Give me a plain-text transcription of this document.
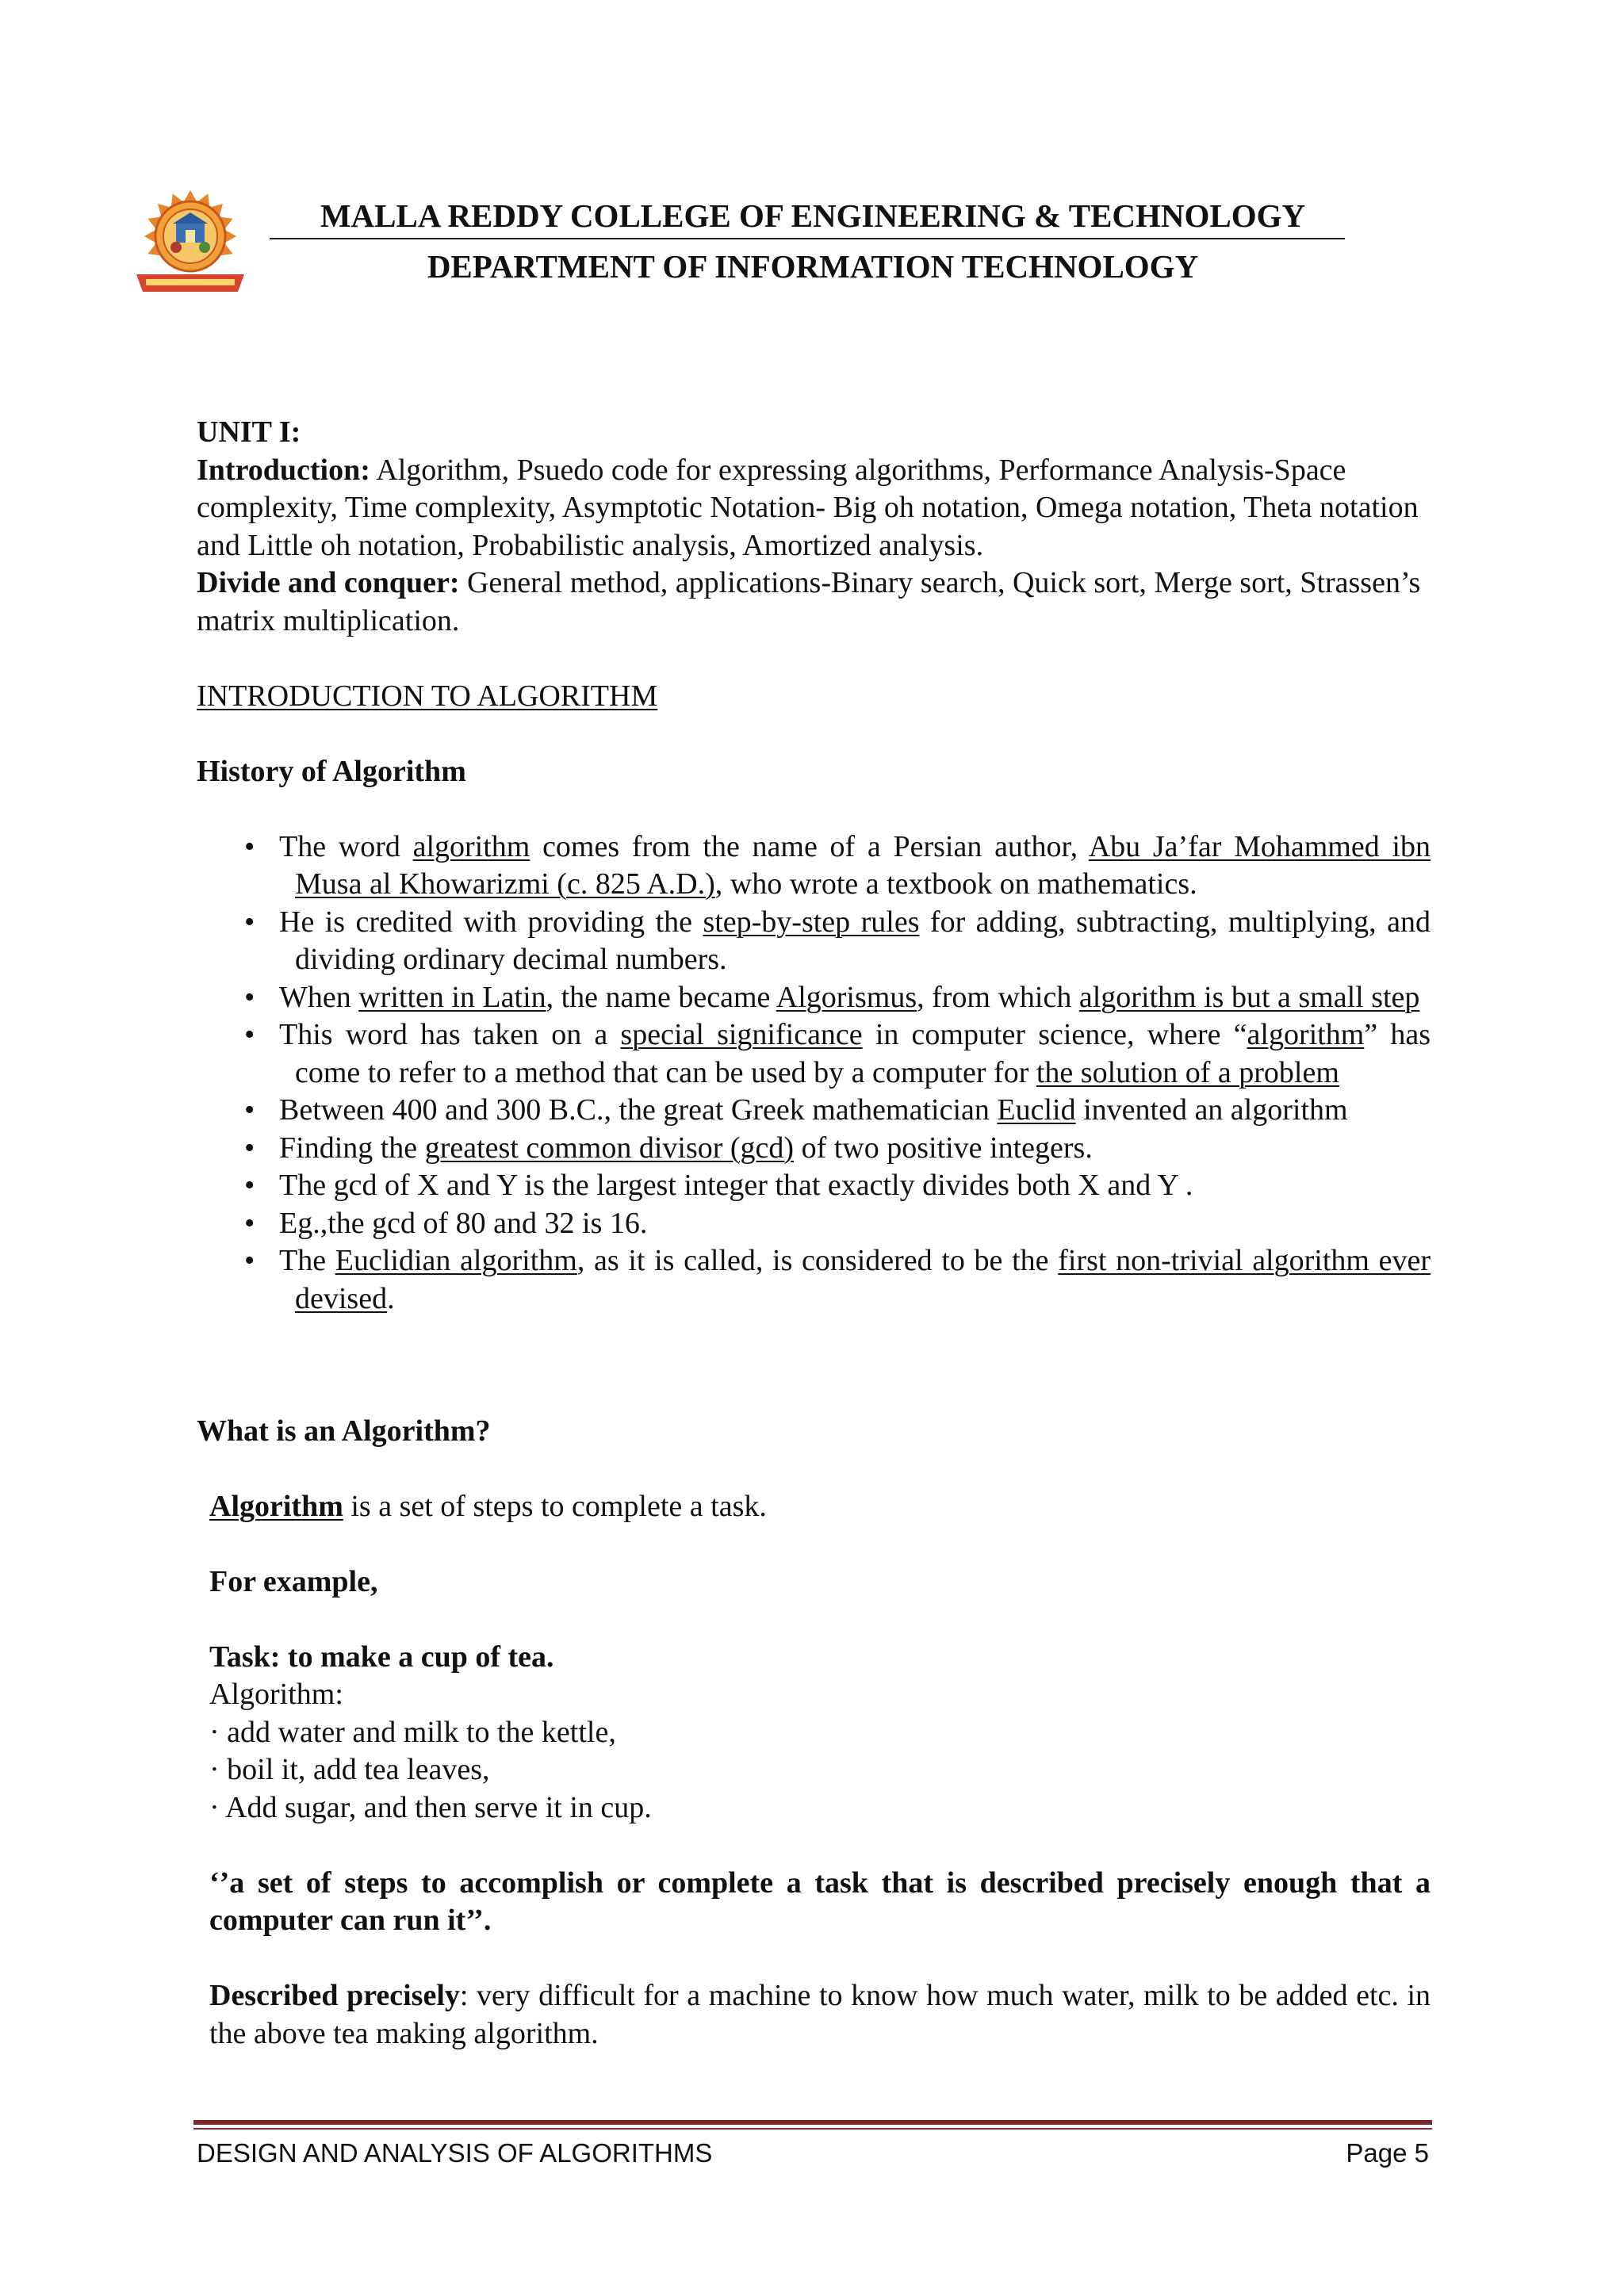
MALLA REDDY COLLEGE OF ENGINEERING & TECHNOLOGY
DEPARTMENT OF INFORMATION TECHNOLOGY

UNIT I:

Introduction: Algorithm, Psuedo code for expressing algorithms, Performance Analysis-Space complexity, Time complexity, Asymptotic Notation- Big oh notation, Omega notation, Theta notation and Little oh notation, Probabilistic analysis, Amortized analysis.

Divide and conquer: General method, applications-Binary search, Quick sort, Merge sort, Strassen’s matrix multiplication.

INTRODUCTION TO ALGORITHM

History of Algorithm

• The word algorithm comes from the name of a Persian author, Abu Ja’far Mohammed ibn Musa al Khowarizmi (c. 825 A.D.), who wrote a textbook on mathematics.
• He is credited with providing the step-by-step rules for adding, subtracting, multiplying, and dividing ordinary decimal numbers.
• When written in Latin, the name became Algorismus, from which algorithm is but a small step
• This word has taken on a special significance in computer science, where “algorithm” has come to refer to a method that can be used by a computer for the solution of a problem
• Between 400 and 300 B.C., the great Greek mathematician Euclid invented an algorithm
• Finding the greatest common divisor (gcd) of two positive integers.
• The gcd of X and Y is the largest integer that exactly divides both X and Y .
• Eg.,the gcd of 80 and 32 is 16.
• The Euclidian algorithm, as it is called, is considered to be the first non-trivial algorithm ever devised.

What is an Algorithm?

Algorithm is a set of steps to complete a task.

For example,

Task: to make a cup of tea.

Algorithm:

· add water and milk to the kettle,

· boil it, add tea leaves,

· Add sugar, and then serve it in cup.

‘’a set of steps to accomplish or complete a task that is described precisely enough that a computer can run it’’.

Described precisely: very difficult for a machine to know how much water, milk to be added etc. in the above tea making algorithm.

DESIGN AND ANALYSIS OF ALGORITHMS	Page 5
